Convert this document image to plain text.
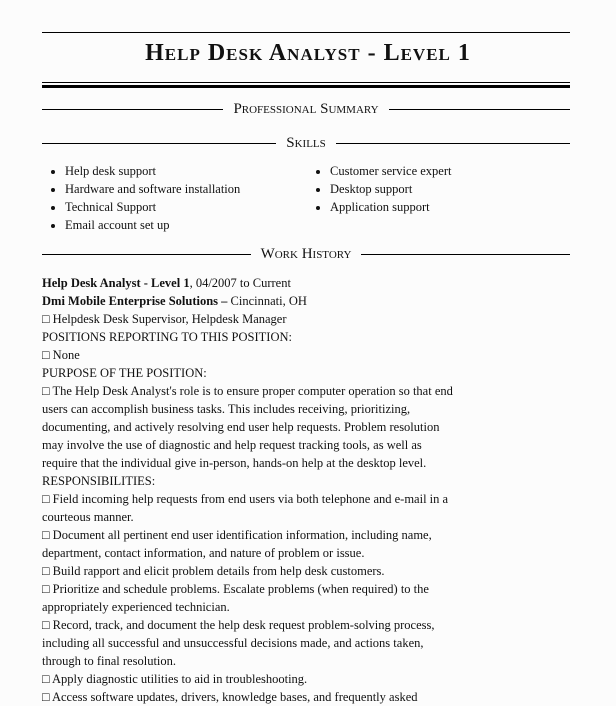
Help Desk Analyst - Level 1
Professional Summary
Skills
• Help desk support
• Hardware and software installation
• Technical Support
• Email account set up
• Customer service expert
• Desktop support
• Application support
Work History
Help Desk Analyst - Level 1, 04/2007 to Current
Dmi Mobile Enterprise Solutions – Cincinnati, OH
□ Helpdesk Desk Supervisor, Helpdesk Manager
POSITIONS REPORTING TO THIS POSITION:
□ None
PURPOSE OF THE POSITION:
□ The Help Desk Analyst's role is to ensure proper computer operation so that end
users can accomplish business tasks. This includes receiving, prioritizing,
documenting, and actively resolving end user help requests. Problem resolution
may involve the use of diagnostic and help request tracking tools, as well as
require that the individual give in-person, hands-on help at the desktop level.
RESPONSIBILITIES:
□ Field incoming help requests from end users via both telephone and e-mail in a
courteous manner.
□ Document all pertinent end user identification information, including name,
department, contact information, and nature of problem or issue.
□ Build rapport and elicit problem details from help desk customers.
□ Prioritize and schedule problems. Escalate problems (when required) to the
appropriately experienced technician.
□ Record, track, and document the help desk request problem-solving process,
including all successful and unsuccessful decisions made, and actions taken,
through to final resolution.
□ Apply diagnostic utilities to aid in troubleshooting.
□ Access software updates, drivers, knowledge bases, and frequently asked
